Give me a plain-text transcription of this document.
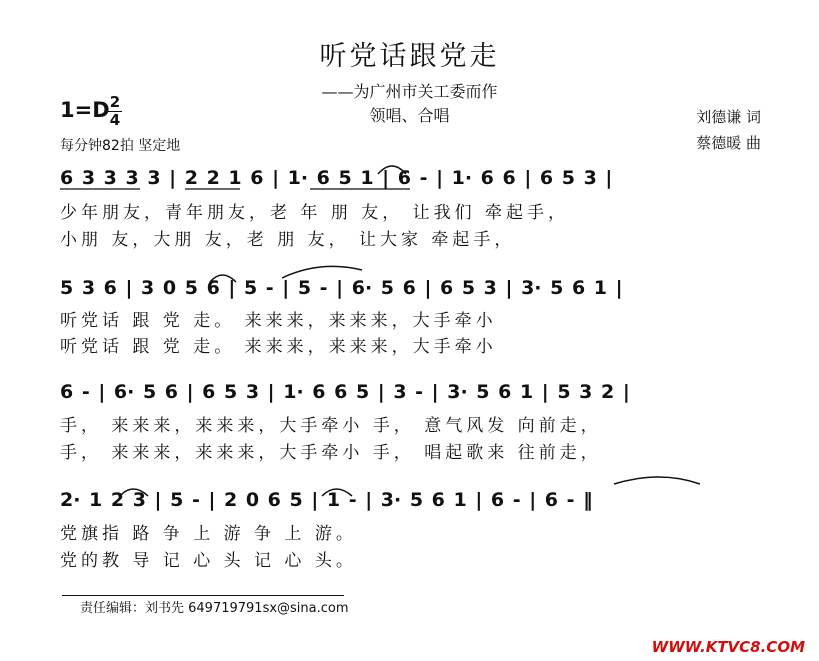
听党话跟党走
——为广州市关工委而作
领唱、合唱
1=D 2
4
每分钟82拍 坚定地
刘德谦 词
蔡德暖 曲
6 3 3 3 3 | 2 2 1 6 | 1· 6 5 1 | 6 - | 1· 6 6 | 6 5 3 |
少年朋友，青年朋友，老 年 朋 友， 让我们 牵起手，
小朋 友，大朋 友，老 朋 友， 让大家 牵起手，
5 3 6 | 3 0 5 6 | 5 - | 5 - | 6· 5 6 | 6 5 3 | 3· 5 6 1 |
听党话 跟 党 走。 来来来，来来来，大手牵小
听党话 跟 党 走。 来来来，来来来，大手牵小
6 - | 6· 5 6 | 6 5 3 | 1· 6 6 5 | 3 - | 3· 5 6 1 | 5 3 2 |
手， 来来来，来来来，大手牵小 手， 意气风发 向前走，
手， 来来来，来来来，大手牵小 手， 唱起歌来 往前走，
2· 1 2 3 | 5 - | 2 0 6 5 | 1 - | 3· 5 6 1 | 6 - | 6 - ‖
党旗指 路 争 上 游 争 上 游。
党的教 导 记 心 头 记 心 头。
责任编辑：刘书先 649719791sx@sina.com
WWW.KTVC8.COM
